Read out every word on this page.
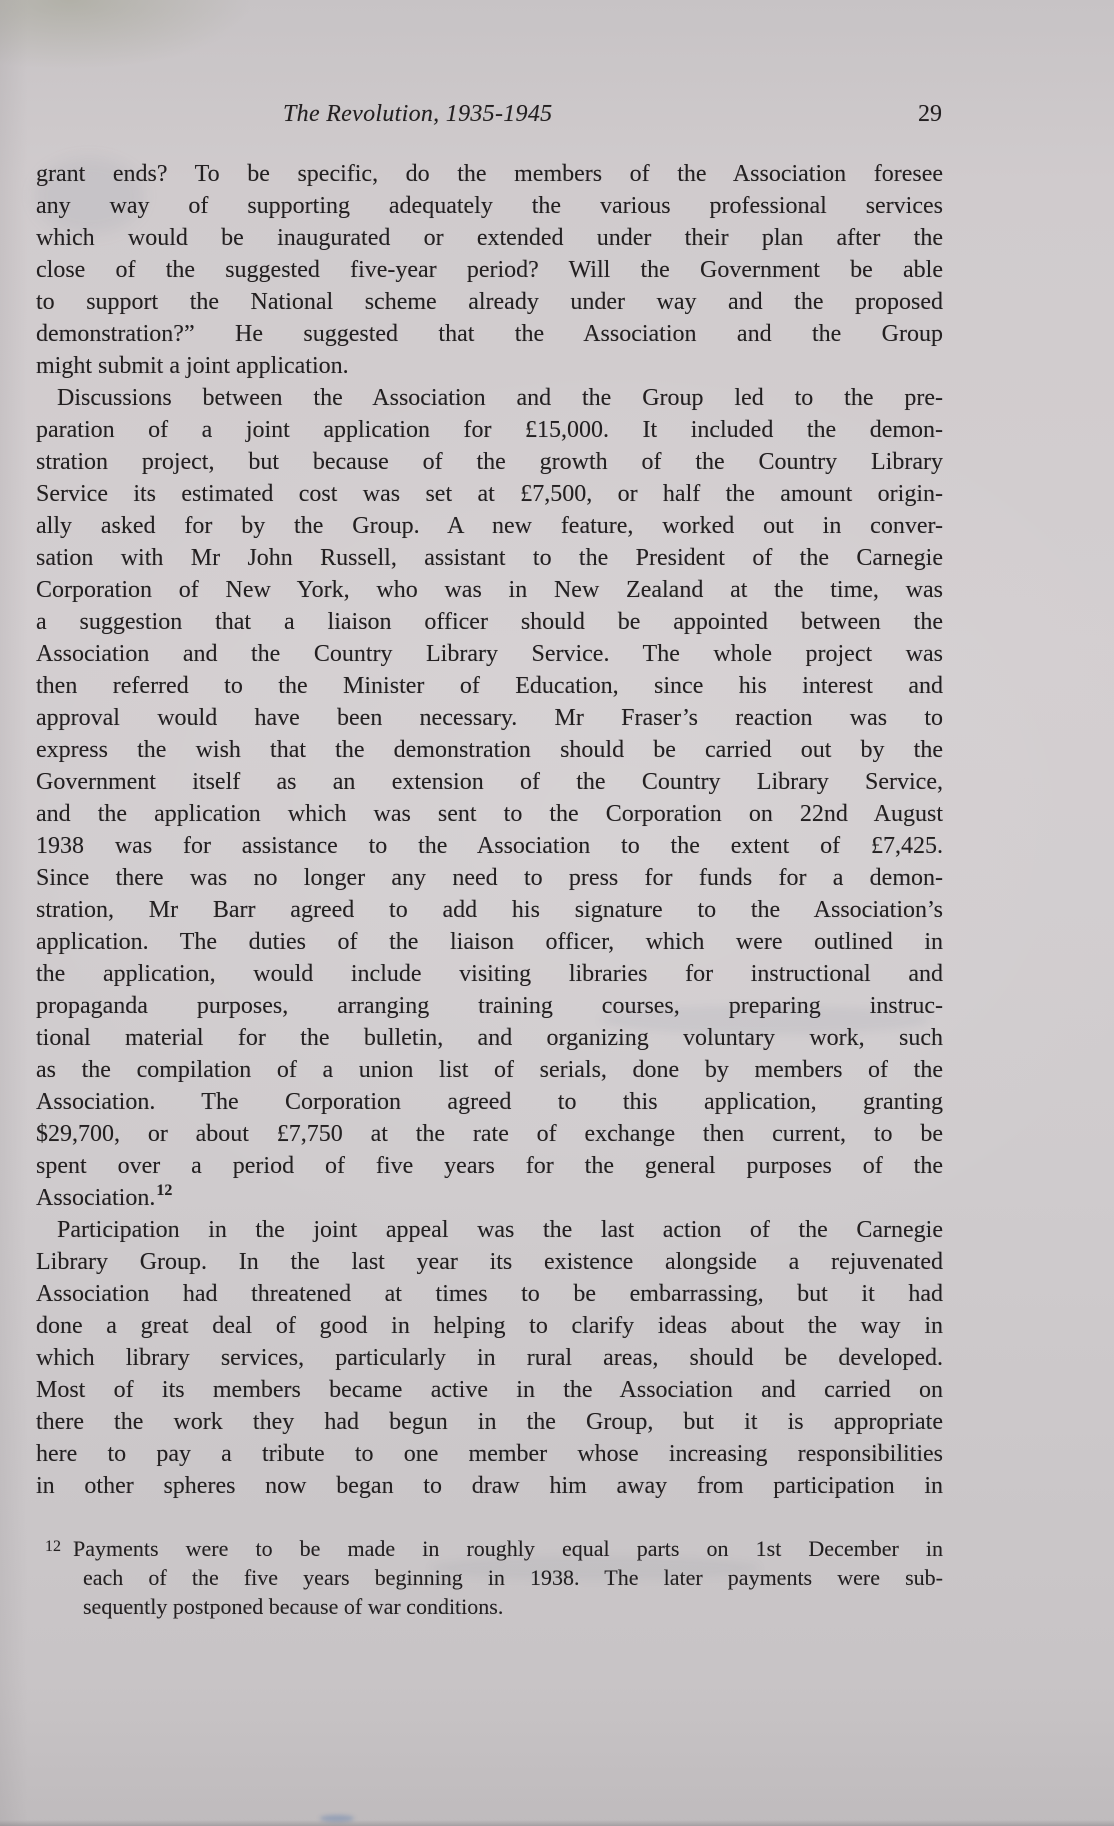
The Revolution, 1935-1945	29
grant ends? To be specific, do the members of the Association foresee
any way of supporting adequately the various professional services
which would be inaugurated or extended under their plan after the
close of the suggested five-year period? Will the Government be able
to support the National scheme already under way and the proposed
demonstration?” He suggested that the Association and the Group
might submit a joint application.
Discussions between the Association and the Group led to the pre-
paration of a joint application for £15,000. It included the demon-
stration project, but because of the growth of the Country Library
Service its estimated cost was set at £7,500, or half the amount origin-
ally asked for by the Group. A new feature, worked out in conver-
sation with Mr John Russell, assistant to the President of the Carnegie
Corporation of New York, who was in New Zealand at the time, was
a suggestion that a liaison officer should be appointed between the
Association and the Country Library Service. The whole project was
then referred to the Minister of Education, since his interest and
approval would have been necessary. Mr Fraser’s reaction was to
express the wish that the demonstration should be carried out by the
Government itself as an extension of the Country Library Service,
and the application which was sent to the Corporation on 22nd August
1938 was for assistance to the Association to the extent of £7,425.
Since there was no longer any need to press for funds for a demon-
stration, Mr Barr agreed to add his signature to the Association’s
application. The duties of the liaison officer, which were outlined in
the application, would include visiting libraries for instructional and
propaganda purposes, arranging training courses, preparing instruc-
tional material for the bulletin, and organizing voluntary work, such
as the compilation of a union list of serials, done by members of the
Association. The Corporation agreed to this application, granting
$29,700, or about £7,750 at the rate of exchange then current, to be
spent over a period of five years for the general purposes of the
Association.$^{12}$
Participation in the joint appeal was the last action of the Carnegie
Library Group. In the last year its existence alongside a rejuvenated
Association had threatened at times to be embarrassing, but it had
done a great deal of good in helping to clarify ideas about the way in
which library services, particularly in rural areas, should be developed.
Most of its members became active in the Association and carried on
there the work they had begun in the Group, but it is appropriate
here to pay a tribute to one member whose increasing responsibilities
in other spheres now began to draw him away from participation in
$^{12}$ Payments were to be made in roughly equal parts on 1st December in
each of the five years beginning in 1938. The later payments were sub-
sequently postponed because of war conditions.
